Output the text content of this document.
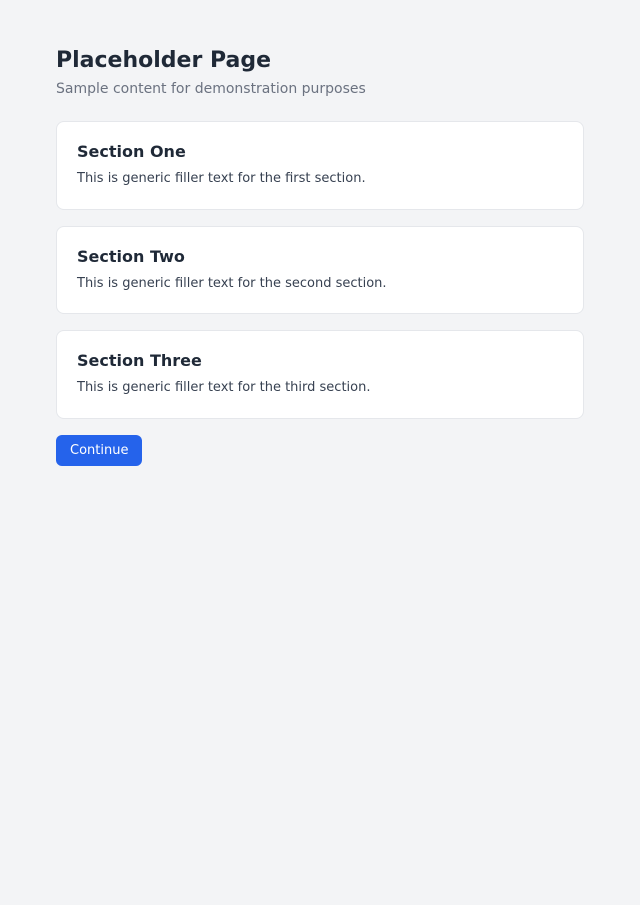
Placeholder Page

Sample content for demonstration purposes

Section One
This is generic filler text for the first section.
Section Two
This is generic filler text for the second section.
Section Three
This is generic filler text for the third section.
Continue
